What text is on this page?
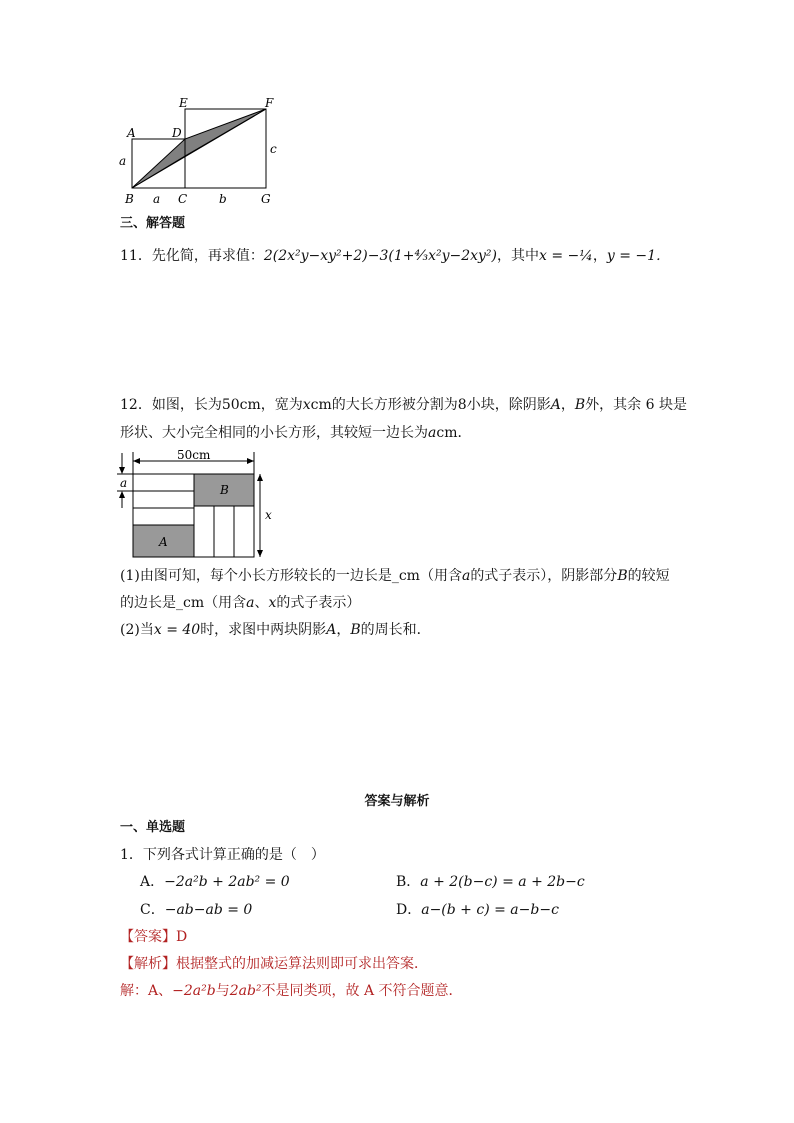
A	D
E	F
a
c
B a C	b	G
三、解答题
11．先化简，再求值：2(2x²y−xy²+2)−3(1+⁴⁄₃x²y−2xy²)，其中x = −¼，y = −1．
12．如图，长为50cm，宽为xcm的大长方形被分割为8小块，除阴影A，B外，其余 6 块是
形状、大小完全相同的小长方形，其较短一边长为acm．
50cm
A
B
a
x
(1)由图可知，每个小长方形较长的一边长是_cm（用含a的式子表示），阴影部分B的较短
的边长是_cm（用含a、x的式子表示）
(2)当x = 40时，求图中两块阴影A，B的周长和．
答案与解析
一、单选题
1．下列各式计算正确的是（　）
A．−2a²b + 2ab² = 0	B．a + 2(b−c) = a + 2b−c
C．−ab−ab = 0	D．a−(b + c) = a−b−c
【答案】D
【解析】根据整式的加减运算法则即可求出答案．
解：A、−2a²b与2ab²不是同类项，故 A 不符合题意．
